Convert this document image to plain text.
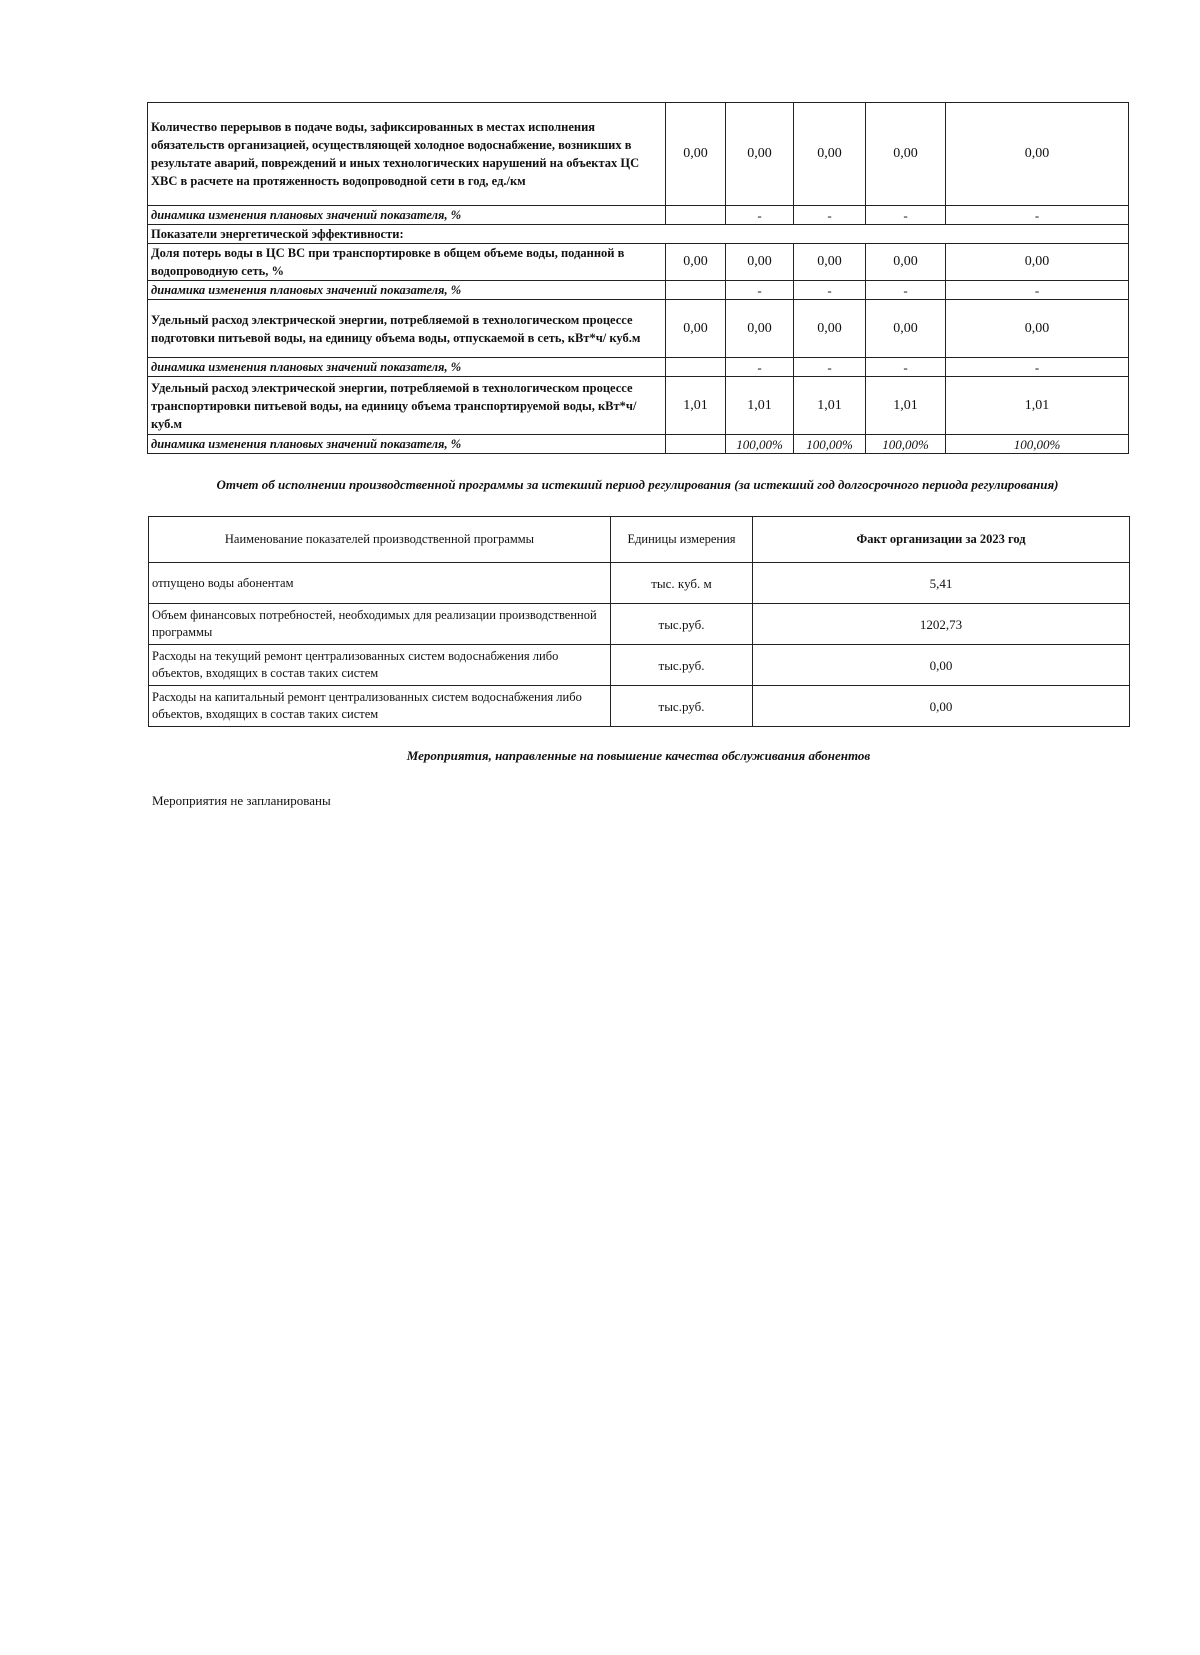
Количество перерывов в подаче воды, зафиксированных в местах исполнения обязательств организацией, осуществляющей холодное водоснабжение, возникших в результате аварий, повреждений и иных технологических нарушений на объектах ЦС ХВС в расчете на протяженность водопроводной сети в год, ед./км	0,00	0,00	0,00	0,00	0,00
динамика изменения плановых значений показателя, %		-	-	-	-
Показатели энергетической эффективности:					
Доля потерь воды в ЦС ВС при транспортировке в общем объеме воды, поданной в водопроводную сеть, %	0,00	0,00	0,00	0,00	0,00
динамика изменения плановых значений показателя, %		-	-	-	-
Удельный расход электрической энергии, потребляемой в технологическом процессе подготовки питьевой воды, на единицу объема воды, отпускаемой в сеть, кВт*ч/ куб.м	0,00	0,00	0,00	0,00	0,00
динамика изменения плановых значений показателя, %		-	-	-	-
Удельный расход электрической энергии, потребляемой в технологическом процессе транспортировки питьевой воды, на единицу объема транспортируемой воды, кВт*ч/ куб.м	1,01	1,01	1,01	1,01	1,01
динамика изменения плановых значений показателя, %		100,00%	100,00%	100,00%	100,00%
Отчет об исполнении производственной программы за истекший период регулирования (за истекший год долгосрочного периода регулирования)
Наименование показателей производственной программы	Единицы измерения	Факт организации за 2023 год
отпущено воды абонентам	тыс. куб. м	5,41
Объем финансовых потребностей, необходимых для реализации производственной программы	тыс.руб.	1202,73
Расходы на текущий ремонт централизованных систем водоснабжения либо объектов, входящих в состав таких систем	тыс.руб.	0,00
Расходы на капитальный ремонт централизованных систем водоснабжения либо объектов, входящих в состав таких систем	тыс.руб.	0,00
Мероприятия, направленные на повышение качества обслуживания абонентов
Мероприятия не запланированы
